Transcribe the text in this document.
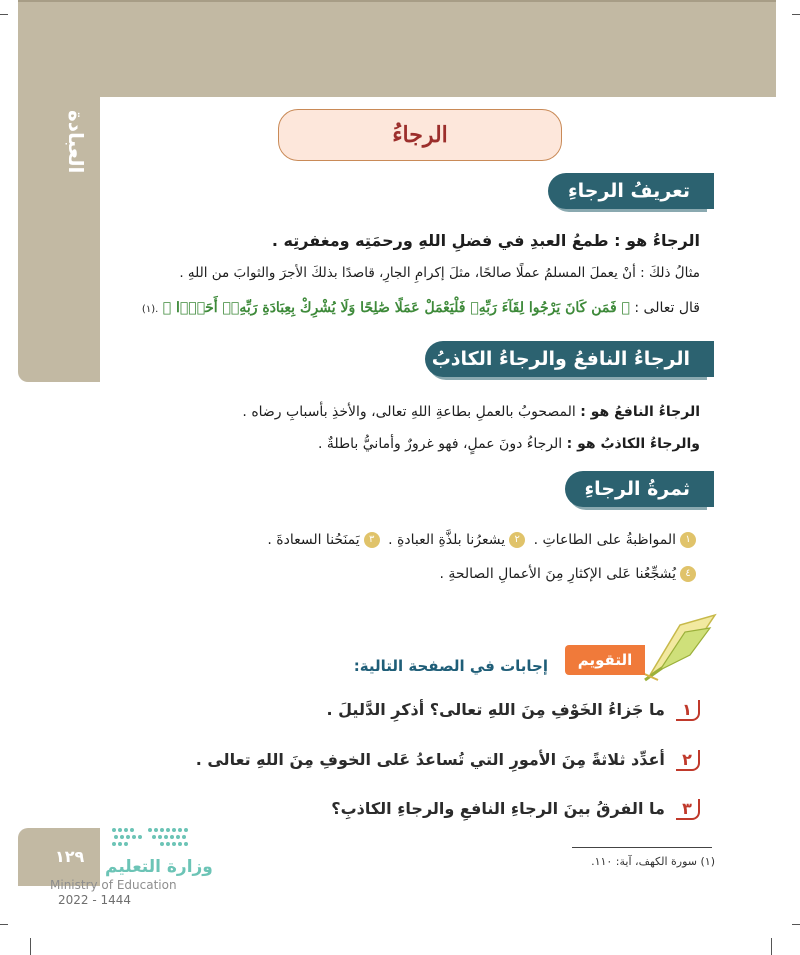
العبادة	الرجاءُ
تعريفُ الرجاءِ
الرجاءُ هو : طمعُ العبدِ في فضلِ اللهِ ورحمَتِه ومغفرتِه .
مثالُ ذلكَ : أنْ يعملَ المسلمُ عملًا صالحًا، مثلَ إكرامِ الجارِ، قاصدًا بذلكَ الأجرَ والثوابَ من اللهِ .
قال تعالى : ﴿ فَمَن كَانَ يَرْجُوا لِقَآءَ رَبِّهِۦ فَلْيَعْمَلْ عَمَلًا صَٰلِحًا وَلَا يُشْرِكْ بِعِبَادَةِ رَبِّهِۦٓ أَحَدًۢا ﴾ .(١)
الرجاءُ النافعُ والرجاءُ الكاذبُ
الرجاءُ النافعُ هو : المصحوبُ بالعملِ بطاعةِ اللهِ تعالى، والأخذِ بأسبابِ رضاه .
والرجاءُ الكاذبُ هو : الرجاءُ دونَ عملٍ، فهو غرورٌ وأمانيُّ باطلةٌ .
ثمرةُ الرجاءِ
١المواظبةُ على الطاعاتِ . ٢يشعرُنا بلذَّةِ العبادةِ . ٣يَمنَحُنا السعادةَ .
٤يُشجِّعُنا عَلى الإكثارِ مِنَ الأعمالِ الصالحةِ .
التقويم
إجابات في الصفحة التالية:
١ ما جَزاءُ الخَوْفِ مِنَ اللهِ تعالى؟ أذكرِ الدَّليلَ .
٢ أعدِّد ثلاثةً مِنَ الأمورِ التي تُساعدُ عَلى الخوفِ مِنَ اللهِ تعالى .
٣ ما الفرقُ بينَ الرجاءِ النافعِ والرجاءِ الكاذبِ؟
١٢٩
وزارة التعليم
Ministry of Education
2022 - 1444
(١) سورة الكهف، آية: ١١٠.
